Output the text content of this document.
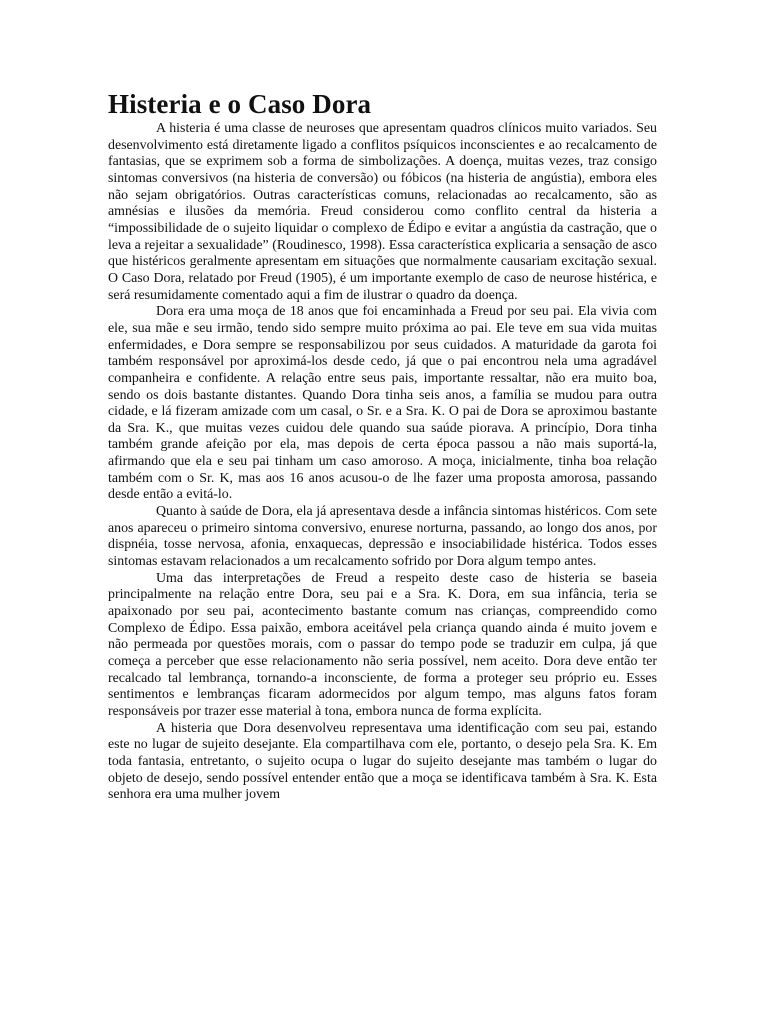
Histeria e o Caso Dora

A histeria é uma classe de neuroses que apresentam quadros clínicos muito variados. Seu desenvolvimento está diretamente ligado a conflitos psíquicos inconscientes e ao recalcamento de fantasias, que se exprimem sob a forma de simbolizações. A doença, muitas vezes, traz consigo sintomas conversivos (na histeria de conversão) ou fóbicos (na histeria de angústia), embora eles não sejam obrigatórios. Outras características comuns, relacionadas ao recalcamento, são as amnésias e ilusões da memória. Freud considerou como conflito central da histeria a “impossibilidade de o sujeito liquidar o complexo de Édipo e evitar a angústia da castração, que o leva a rejeitar a sexualidade” (Roudinesco, 1998). Essa característica explicaria a sensação de asco que histéricos geralmente apresentam em situações que normalmente causariam excitação sexual. O Caso Dora, relatado por Freud (1905), é um importante exemplo de caso de neurose histérica, e será resumidamente comentado aqui a fim de ilustrar o quadro da doença.

Dora era uma moça de 18 anos que foi encaminhada a Freud por seu pai. Ela vivia com ele, sua mãe e seu irmão, tendo sido sempre muito próxima ao pai. Ele teve em sua vida muitas enfermidades, e Dora sempre se responsabilizou por seus cuidados. A maturidade da garota foi também responsável por aproximá-los desde cedo, já que o pai encontrou nela uma agradável companheira e confidente. A relação entre seus pais, importante ressaltar, não era muito boa, sendo os dois bastante distantes. Quando Dora tinha seis anos, a família se mudou para outra cidade, e lá fizeram amizade com um casal, o Sr. e a Sra. K. O pai de Dora se aproximou bastante da Sra. K., que muitas vezes cuidou dele quando sua saúde piorava. A princípio, Dora tinha também grande afeição por ela, mas depois de certa época passou a não mais suportá-la, afirmando que ela e seu pai tinham um caso amoroso. A moça, inicialmente, tinha boa relação também com o Sr. K, mas aos 16 anos acusou-o de lhe fazer uma proposta amorosa, passando desde então a evitá-lo.

Quanto à saúde de Dora, ela já apresentava desde a infância sintomas histéricos. Com sete anos apareceu o primeiro sintoma conversivo, enurese norturna, passando, ao longo dos anos, por dispnéia, tosse nervosa, afonia, enxaquecas, depressão e insociabilidade histérica. Todos esses sintomas estavam relacionados a um recalcamento sofrido por Dora algum tempo antes.

Uma das interpretações de Freud a respeito deste caso de histeria se baseia principalmente na relação entre Dora, seu pai e a Sra. K. Dora, em sua infância, teria se apaixonado por seu pai, acontecimento bastante comum nas crianças, compreendido como Complexo de Édipo. Essa paixão, embora aceitável pela criança quando ainda é muito jovem e não permeada por questões morais, com o passar do tempo pode se traduzir em culpa, já que começa a perceber que esse relacionamento não seria possível, nem aceito. Dora deve então ter recalcado tal lembrança, tornando-a inconsciente, de forma a proteger seu próprio eu. Esses sentimentos e lembranças ficaram adormecidos por algum tempo, mas alguns fatos foram responsáveis por trazer esse material à tona, embora nunca de forma explícita.

A histeria que Dora desenvolveu representava uma identificação com seu pai, estando este no lugar de sujeito desejante. Ela compartilhava com ele, portanto, o desejo pela Sra. K. Em toda fantasia, entretanto, o sujeito ocupa o lugar do sujeito desejante mas também o lugar do objeto de desejo, sendo possível entender então que a moça se identificava também à Sra. K. Esta senhora era uma mulher jovem
